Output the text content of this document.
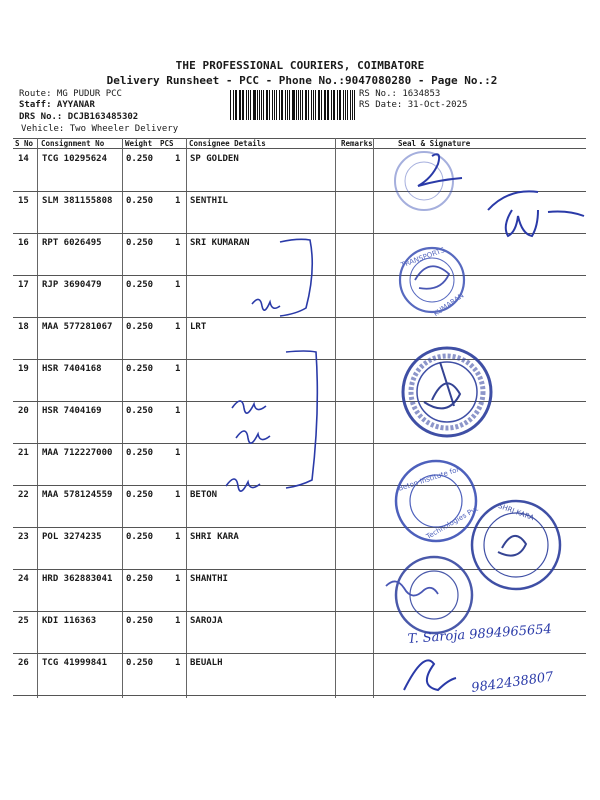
THE PROFESSIONAL COURIERS, COIMBATORE
Delivery Runsheet - PCC - Phone No.:9047080280 - Page No.:2
Route: MG PUDUR PCC
Staff: AYYANAR
DRS No.: DCJB163485302
Vehicle: Two Wheeler Delivery
RS No.: 1634853
RS Date: 31-Oct-2025
S No Consignment No	Weight PCS Consignee Details	Remarks	Seal & Signature
14 TCG 10295624 0.250 1 SP GOLDEN
15 SLM 381155808 0.250 1 SENTHIL
16 RPT 6026495	0.250 1 SRI KUMARAN
17 RJP 3690479	0.250 1
18 MAA 577281067 0.250 1 LRT
19 HSR 7404168	0.250 1
20 HSR 7404169	0.250 1
21 MAA 712227000 0.250 1
22 MAA 578124559 0.250 1 BETON
23 POL 3274235	0.250 1 SHRI KARA
24 HRD 362883041 0.250 1 SHANTHI
25 KDI 116363	0.250 1 SAROJA
26 TCG 41999841 0.250 1 BEUALH
TRANSPORTS
KUMARAN
Beton Institute for
Technologies Pvt	SHRI KARA
T. Saroja 9894965654
9842438807
